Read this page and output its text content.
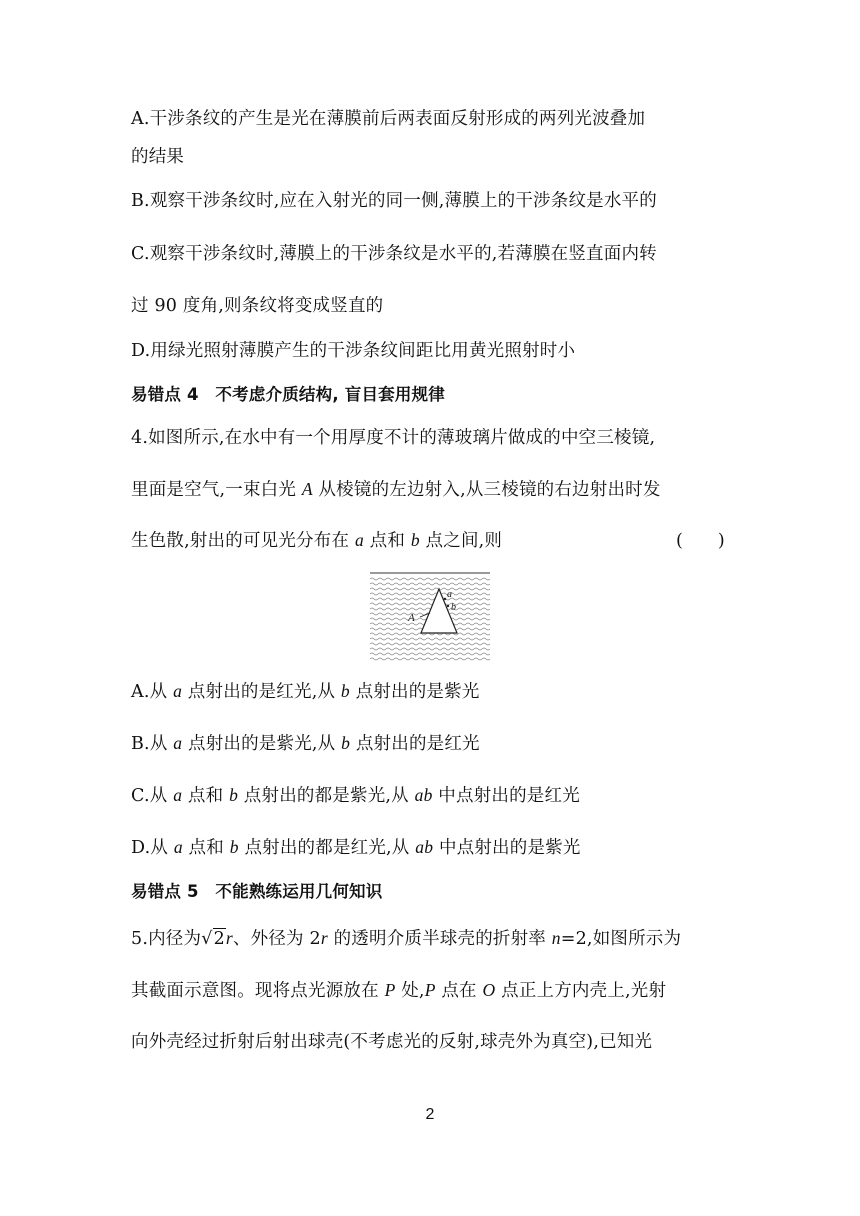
A.干涉条纹的产生是光在薄膜前后两表面反射形成的两列光波叠加
的结果
B.观察干涉条纹时,应在入射光的同一侧,薄膜上的干涉条纹是水平的
C.观察干涉条纹时,薄膜上的干涉条纹是水平的,若薄膜在竖直面内转
过 90 度角,则条纹将变成竖直的
D.用绿光照射薄膜产生的干涉条纹间距比用黄光照射时小
易错点 4　不考虑介质结构, 盲目套用规律
4.如图所示,在水中有一个用厚度不计的薄玻璃片做成的中空三棱镜,
里面是空气,一束白光 A 从棱镜的左边射入,从三棱镜的右边射出时发
生色散,射出的可见光分布在 a 点和 b 点之间,则	(　　)
A
a
b
A.从 a 点射出的是红光,从 b 点射出的是紫光
B.从 a 点射出的是紫光,从 b 点射出的是红光
C.从 a 点和 b 点射出的都是紫光,从 ab 中点射出的是红光
D.从 a 点和 b 点射出的都是红光,从 ab 中点射出的是紫光
易错点 5　不能熟练运用几何知识
5.内径为√2r、外径为 2r 的透明介质半球壳的折射率 n=2,如图所示为
其截面示意图。现将点光源放在 P 处,P 点在 O 点正上方内壳上,光射
向外壳经过折射后射出球壳(不考虑光的反射,球壳外为真空),已知光
2
